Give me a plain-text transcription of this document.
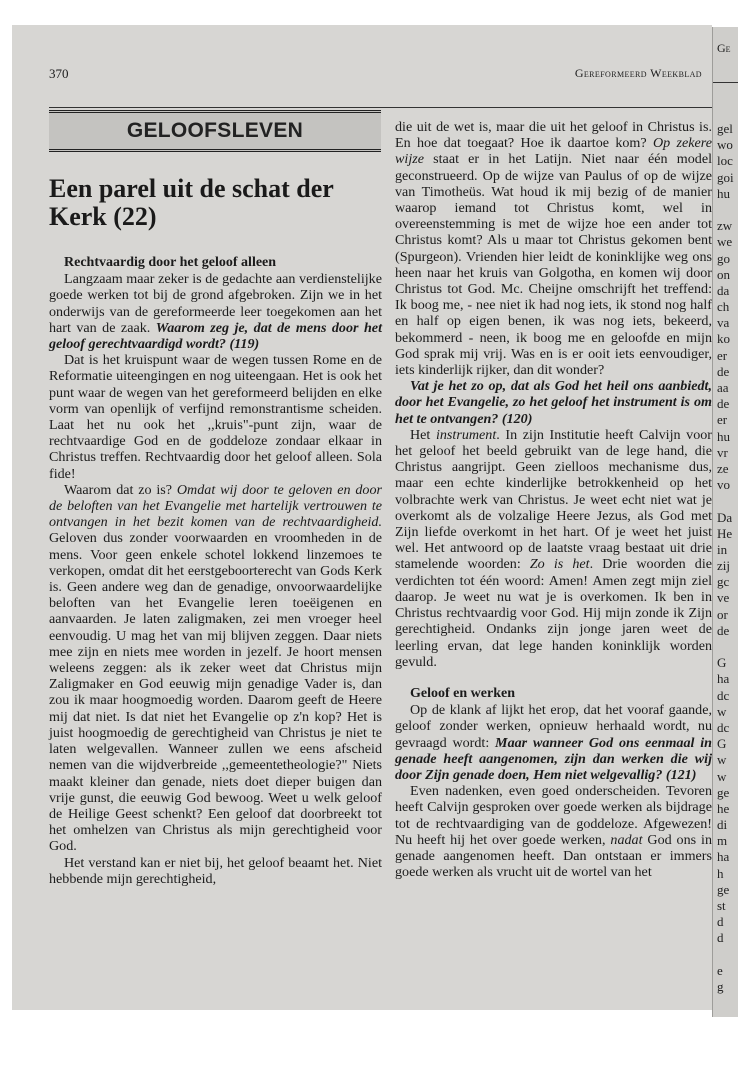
370	Gereformeerd Weekblad
GELOOFSLEVEN
Een parel uit de schat der Kerk (22)

Rechtvaardig door het geloof alleen

Langzaam maar zeker is de gedachte aan verdienstelijke goede werken tot bij de grond afgebroken. Zijn we in het onderwijs van de gereformeerde leer toegekomen aan het hart van de zaak. Waarom zeg je, dat de mens door het geloof gerechtvaardigd wordt? (119)

Dat is het kruispunt waar de wegen tussen Rome en de Reformatie uiteengingen en nog uiteengaan. Het is ook het punt waar de wegen van het gereformeerd belijden en elke vorm van openlijk of verfijnd remonstrantisme scheiden. Laat het nu ook het ,,kruis"-punt zijn, waar de rechtvaardige God en de goddeloze zondaar elkaar in Christus treffen. Rechtvaardig door het geloof alleen. Sola fide!

Waarom dat zo is? Omdat wij door te geloven en door de beloften van het Evangelie met hartelijk vertrouwen te ontvangen in het bezit komen van de rechtvaardigheid. Geloven dus zonder voorwaarden en vroomheden in de mens. Voor geen enkele schotel lokkend linzemoes te verkopen, omdat dit het eerstgeboorterecht van Gods Kerk is. Geen andere weg dan de genadige, onvoorwaardelijke beloften van het Evangelie leren toeëigenen en aanvaarden. Je laten zaligmaken, zei men vroeger heel eenvoudig. U mag het van mij blijven zeggen. Daar niets mee zijn en niets mee worden in jezelf. Je hoort mensen weleens zeggen: als ik zeker weet dat Christus mijn Zaligmaker en God eeuwig mijn genadige Vader is, dan zou ik maar hoogmoedig worden. Daarom geeft de Heere mij dat niet. Is dat niet het Evangelie op z'n kop? Het is juist hoogmoedig de gerechtigheid van Christus je niet te laten welgevallen. Wanneer zullen we eens afscheid nemen van die wijdverbreide ,,gemeentetheologie?" Niets maakt kleiner dan genade, niets doet dieper buigen dan vrije gunst, die eeuwig God bewoog. Weet u welk geloof de Heilige Geest schenkt? Een geloof dat doorbreekt tot het omhelzen van Christus als mijn gerechtigheid voor God.

Het verstand kan er niet bij, het geloof beaamt het. Niet hebbende mijn gerechtigheid,

die uit de wet is, maar die uit het geloof in Christus is. En hoe dat toegaat? Hoe ik daartoe kom? Op zekere wijze staat er in het Latijn. Niet naar één model geconstrueerd. Op de wijze van Paulus of op de wijze van Timotheüs. Wat houd ik mij bezig of de manier waarop iemand tot Christus komt, wel in overeenstemming is met de wijze hoe een ander tot Christus komt? Als u maar tot Christus gekomen bent (Spurgeon). Vrienden hier leidt de koninklijke weg ons heen naar het kruis van Golgotha, en komen wij door Christus tot God. Mc. Cheijne omschrijft het treffend: Ik boog me, - nee niet ik had nog iets, ik stond nog half en half op eigen benen, ik was nog iets, bekeerd, bekommerd - neen, ik boog me en geloofde en mijn God sprak mij vrij. Was en is er ooit iets eenvoudiger, iets kinderlijk rijker, dan dit wonder?

Vat je het zo op, dat als God het heil ons aanbiedt, door het Evangelie, zo het geloof het instrument is om het te ontvangen? (120)

Het instrument. In zijn Institutie heeft Calvijn voor het geloof het beeld gebruikt van de lege hand, die Christus aangrijpt. Geen zielloos mechanisme dus, maar een echte kinderlijke betrokkenheid op het volbrachte werk van Christus. Je weet echt niet wat je overkomt als de volzalige Heere Jezus, als God met Zijn liefde overkomt in het hart. Of je weet het juist wel. Het antwoord op de laatste vraag bestaat uit drie stamelende woorden: Zo is het. Drie woorden die verdichten tot één woord: Amen! Amen zegt mijn ziel daarop. Je weet nu wat je is overkomen. Ik ben in Christus rechtvaardig voor God. Hij mijn zonde ik Zijn gerechtigheid. Ondanks zijn jonge jaren weet de leerling ervan, dat lege handen koninklijk worden gevuld.

Geloof en werken

Op de klank af lijkt het erop, dat het vooraf gaande, geloof zonder werken, opnieuw herhaald wordt, nu gevraagd wordt: Maar wanneer God ons eenmaal in genade heeft aangenomen, zijn dan werken die wij door Zijn genade doen, Hem niet welgevallig? (121)

Even nadenken, even goed onderscheiden. Tevoren heeft Calvijn gesproken over goede werken als bijdrage tot de rechtvaardiging van de goddeloze. Afgewezen! Nu heeft hij het over goede werken, nadat God ons in genade aangenomen heeft. Dan ontstaan er immers goede werken als vrucht uit de wortel van het

Ge
gel
wo
loc
goi
hu

zw
we
go
on
da
ch
va
ko
er
de
aa
de
er
hu
vr
ze
vo

Da
He
in
zij
gc
ve
or
de

G
ha
dc
w
dc
G
w
w
ge
he
di
m
ha
h
ge
st
d
d

e
g
